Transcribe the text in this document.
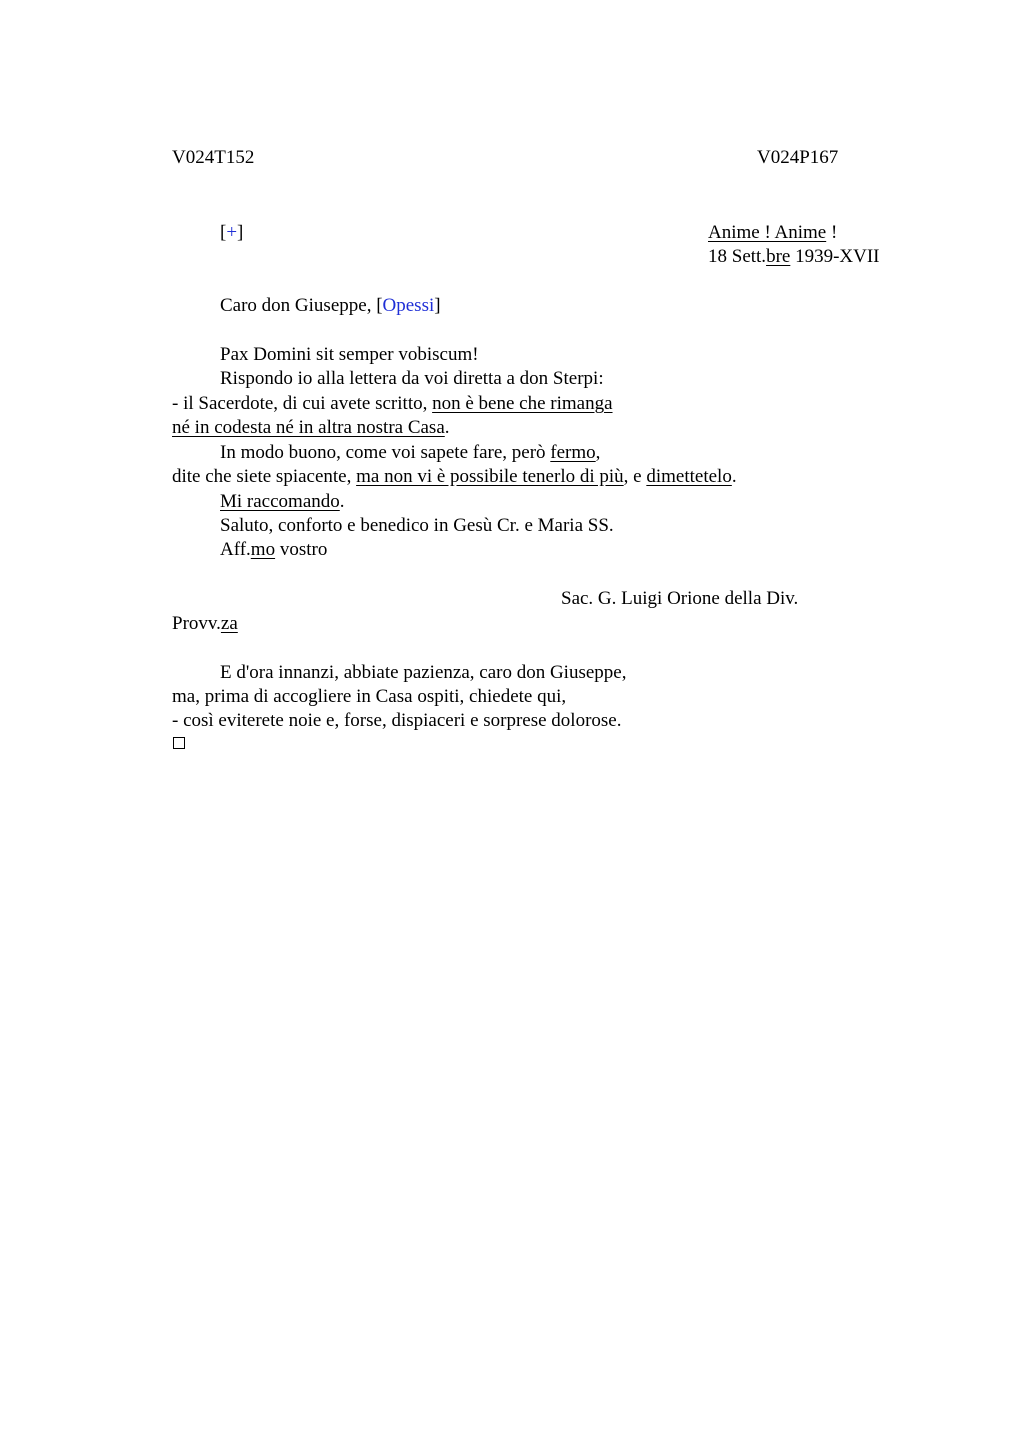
V024T152	V024P167
[+]	Anime ! Anime !
18 Sett.bre 1939-XVII
Caro don Giuseppe, [Opessi]
Pax Domini sit semper vobiscum!
Rispondo io alla lettera da voi diretta a don Sterpi:
- il Sacerdote, di cui avete scritto, non è bene che rimanga
né in codesta né in altra nostra Casa.
In modo buono, come voi sapete fare, però fermo,
dite che siete spiacente, ma non vi è possibile tenerlo di più, e dimettetelo.
Mi raccomando.
Saluto, conforto e benedico in Gesù Cr. e Maria SS.
Aff.mo vostro
Sac. G. Luigi Orione della Div.
Provv.za
E d'ora innanzi, abbiate pazienza, caro don Giuseppe,
ma, prima di accogliere in Casa ospiti, chiedete qui,
- così eviterete noie e, forse, dispiaceri e sorprese dolorose.
